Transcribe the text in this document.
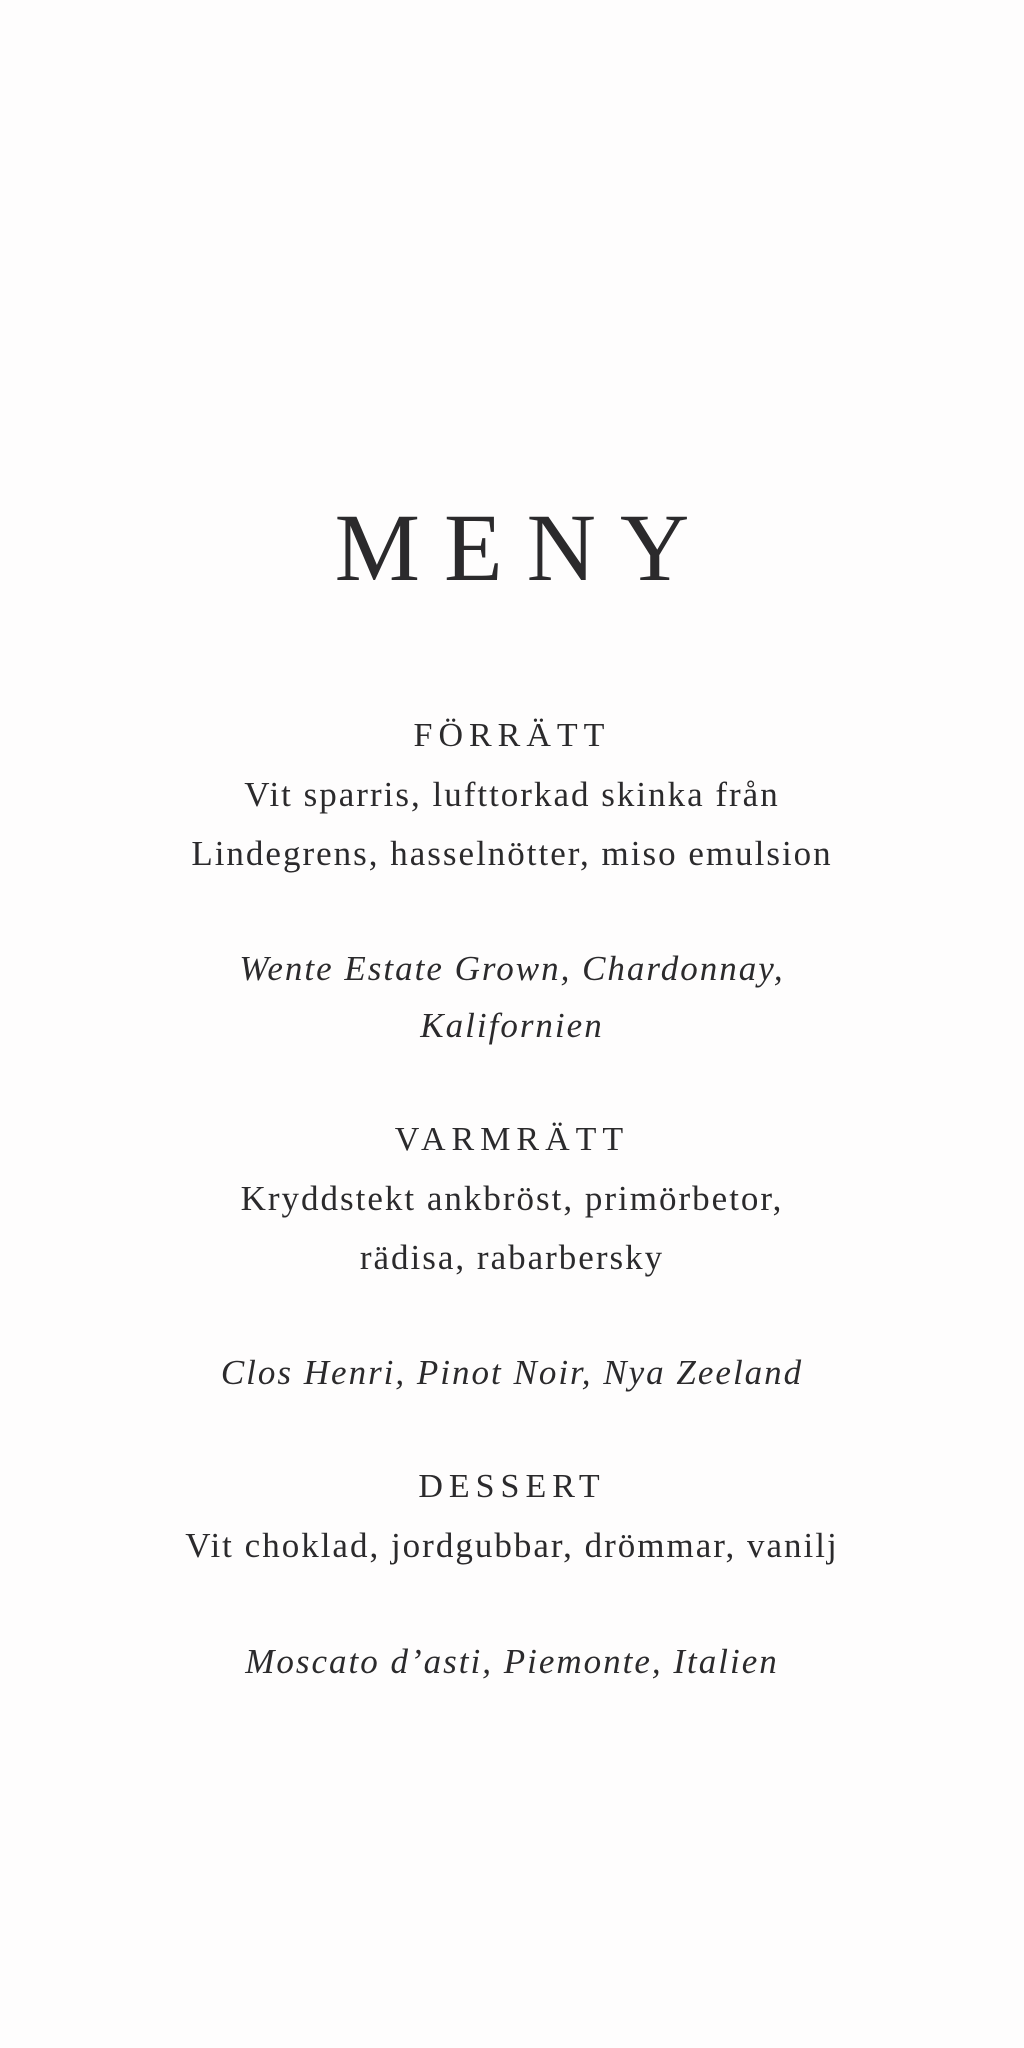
MENY
FÖRRÄTT
Vit sparris, lufttorkad skinka från
Lindegrens, hasselnötter, miso emulsion
Wente Estate Grown, Chardonnay,
Kalifornien
VARMRÄTT
Kryddstekt ankbröst, primörbetor,
rädisa, rabarbersky
Clos Henri, Pinot Noir, Nya Zeeland
DESSERT
Vit choklad, jordgubbar, drömmar, vanilj
Moscato d’asti, Piemonte, Italien
